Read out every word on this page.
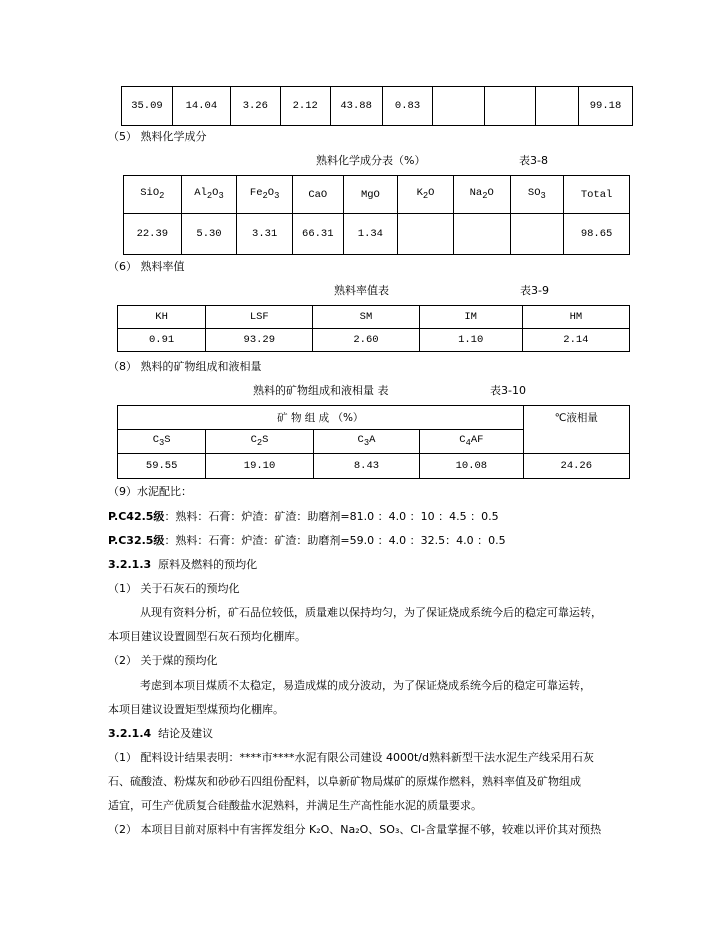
35.09	14.04	3.26	2.12	43.88	0.83				99.18
（5） 熟料化学成分
熟料化学成分表（%）	表3-8
SiO$_2$	$Al_2O_3$	$Fe_2O_3$	CaO	MgO	$K_2O$	$Na_2O$	$SO_3$	Total
22.39	5.30	3.31	66.31	1.34				98.65
（6） 熟料率值
熟料率值表	表3-9
KH	LSF	SM	IM	HM
0.91	93.29	2.60	1.10	2.14
（8） 熟料的矿物组成和液相量
熟料的矿物组成和液相量 表	表3-10
矿 物 组 成 （%）				℃液相量
$C_3S$	$C_2S$	$C_3A$	$C_4AF$	
59.55	19.10	8.43	10.08	24.26
（9）水泥配比：
P.C42.5级：熟料：石膏：炉渣：矿渣：助磨剂=81.0 ：4.0 ：10 ：4.5 ：0.5
P.C32.5级：熟料：石膏：炉渣：矿渣：助磨剂=59.0 ：4.0 ：32.5：4.0 ：0.5
3.2.1.3 原料及燃料的预均化
（1） 关于石灰石的预均化
从现有资料分析，矿石品位较低，质量难以保持均匀，为了保证烧成系统今后的稳定可靠运转，
本项目建议设置圆型石灰石预均化棚库。
（2） 关于煤的预均化
考虑到本项目煤质不太稳定，易造成煤的成分波动，为了保证烧成系统今后的稳定可靠运转，
本项目建议设置矩型煤预均化棚库。
3.2.1.4 结论及建议
（1） 配料设计结果表明：****市****水泥有限公司建设 4000t/d熟料新型干法水泥生产线采用石灰
石、硫酸渣、粉煤灰和砂砂石四组份配料，以阜新矿物局煤矿的原煤作燃料，熟料率值及矿物组成
适宜，可生产优质复合硅酸盐水泥熟料，并满足生产高性能水泥的质量要求。
（2） 本项目目前对原料中有害挥发组分 K₂O、Na₂O、SO₃、Cl-含量掌握不够，较难以评价其对预热
